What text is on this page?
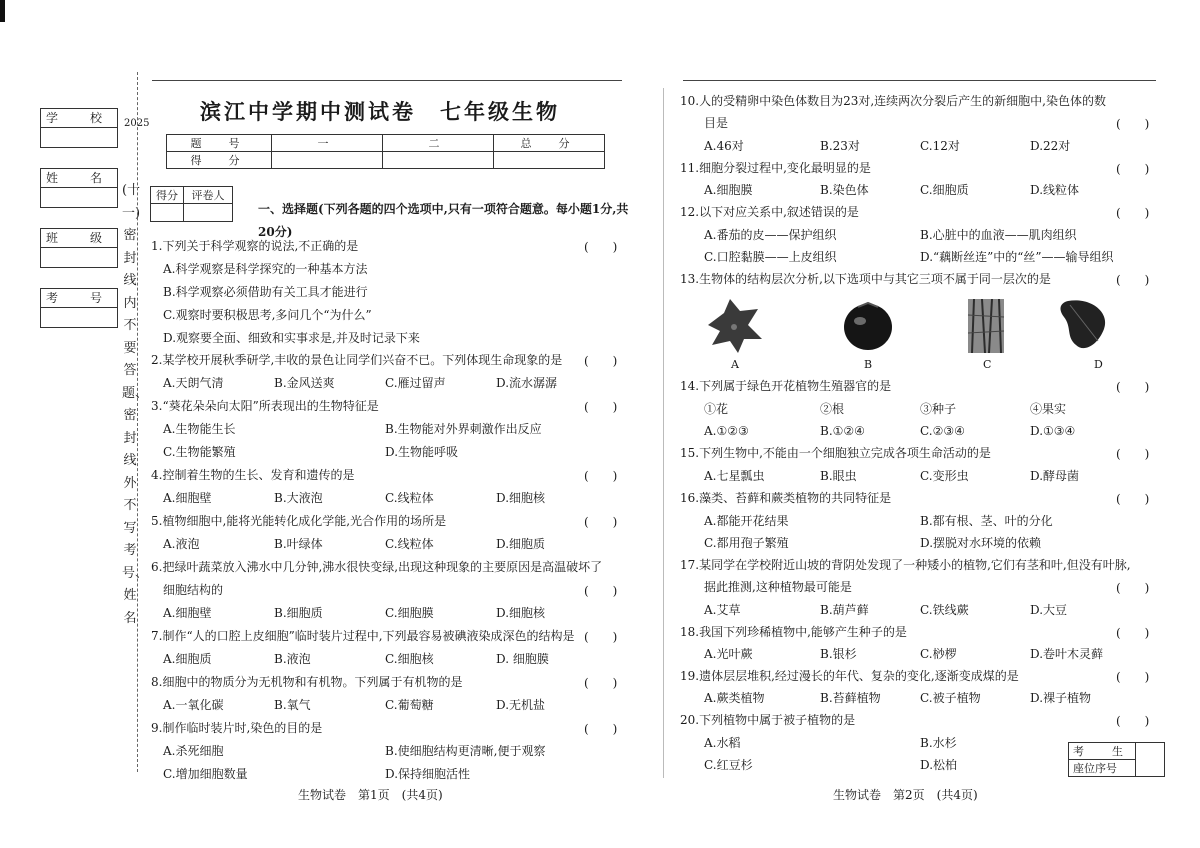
学　校
姓　名
班　级
考　号
2025
(十一)密封线内不要答题、密封线外不写考号、姓名
滨江中学期中测试卷　七年级生物
题　号	一	二	总　分
得　分			
得分	评卷人

一、选择题(下列各题的四个选项中,只有一项符合题意。每小题1分,共20分)
1.下列关于科学观察的说法,不正确的是	(　　)
A.科学观察是科学探究的一种基本方法
B.科学观察必须借助有关工具才能进行
C.观察时要积极思考,多问几个“为什么”
D.观察要全面、细致和实事求是,并及时记录下来
2.某学校开展秋季研学,丰收的景色让同学们兴奋不已。下列体现生命现象的是 (　　)
A.天朗气清	B.金风送爽	C.雁过留声	D.流水潺潺
3.“葵花朵朵向太阳”所表现出的生物特征是	(　　)
A.生物能生长	B.生物能对外界刺激作出反应
C.生物能繁殖	D.生物能呼吸
4.控制着生物的生长、发育和遗传的是	(　　)
A.细胞壁	B.大液泡	C.线粒体	D.细胞核
5.植物细胞中,能将光能转化成化学能,光合作用的场所是	(　　)
A.液泡	B.叶绿体	C.线粒体	D.细胞质
6.把绿叶蔬菜放入沸水中几分钟,沸水很快变绿,出现这种现象的主要原因是高温破坏了
细胞结构的	(　　)
A.细胞壁	B.细胞质	C.细胞膜	D.细胞核
7.制作“人的口腔上皮细胞”临时装片过程中,下列最容易被碘液染成深色的结构是 (　　)
A.细胞质	B.液泡	C.细胞核	D. 细胞膜
8.细胞中的物质分为无机物和有机物。下列属于有机物的是	(　　)
A.一氧化碳	B.氧气	C.葡萄糖	D.无机盐
9.制作临时装片时,染色的目的是	(　　)
A.杀死细胞	B.使细胞结构更清晰,便于观察
C.增加细胞数量	D.保持细胞活性
生物试卷　第1页　(共4页)
10.人的受精卵中染色体数目为23对,连续两次分裂后产生的新细胞中,染色体的数
目是	(　　)
A.46对	B.23对	C.12对	D.22对
11.细胞分裂过程中,变化最明显的是	(　　)
A.细胞膜	B.染色体	C.细胞质	D.线粒体
12.以下对应关系中,叙述错误的是	(　　)
A.番茄的皮——保护组织	B.心脏中的血液——肌肉组织
C.口腔黏膜——上皮组织	D.“藕断丝连”中的“丝”——输导组织
13.生物体的结构层次分析,以下选项中与其它三项不属于同一层次的是	(　　)
A	B	C	D
14.下列属于绿色开花植物生殖器官的是	(　　)
①花	②根	③种子	④果实
A.①②③	B.①②④	C.②③④	D.①③④
15.下列生物中,不能由一个细胞独立完成各项生命活动的是	(　　)
A.七星瓢虫	B.眼虫	C.变形虫	D.酵母菌
16.藻类、苔藓和蕨类植物的共同特征是	(　　)
A.都能开花结果	B.都有根、茎、叶的分化
C.都用孢子繁殖	D.摆脱对水环境的依赖
17.某同学在学校附近山坡的背阴处发现了一种矮小的植物,它们有茎和叶,但没有叶脉,
据此推测,这种植物最可能是	(　　)
A.艾草	B.葫芦藓	C.铁线蕨	D.大豆
18.我国下列珍稀植物中,能够产生种子的是	(　　)
A.光叶蕨	B.银杉	C.桫椤	D.卷叶木灵藓
19.遗体层层堆积,经过漫长的年代、复杂的变化,逐渐变成煤的是	(　　)
A.蕨类植物	B.苔藓植物	C.被子植物	D.裸子植物
20.下列植物中属于被子植物的是	(　　)
A.水稻	B.水杉
C.红豆杉	D.松柏
考　　生	
座位序号
生物试卷　第2页　(共4页)
